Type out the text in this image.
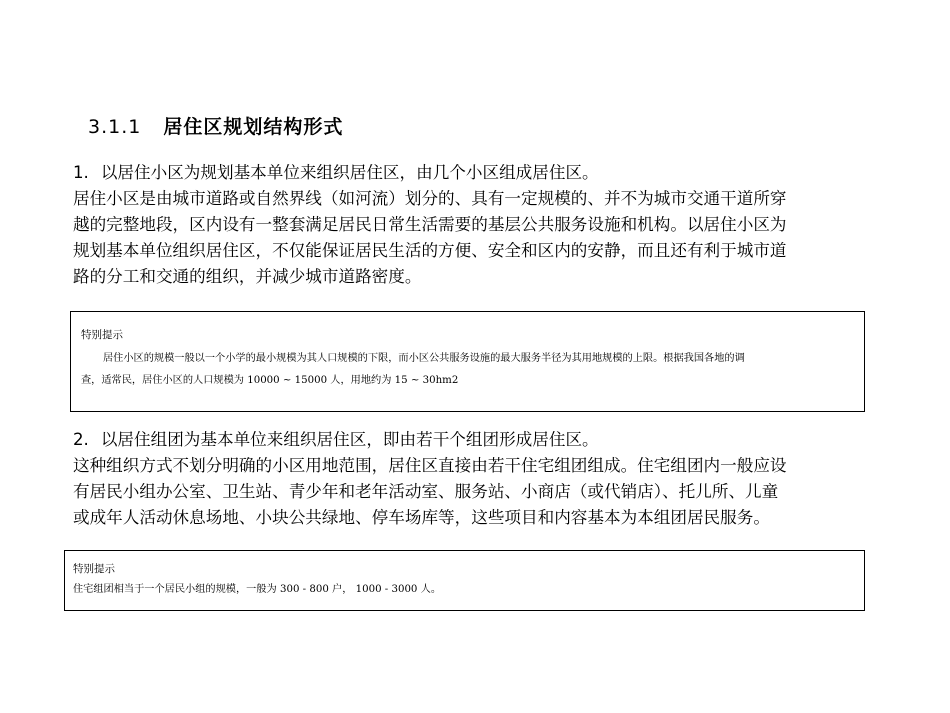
3.1.1 居住区规划结构形式
1. 以居住小区为规划基本单位来组织居住区，由几个小区组成居住区。
居住小区是由城市道路或自然界线（如河流）划分的、具有一定规模的、并不为城市交通干道所穿
越的完整地段，区内设有一整套满足居民日常生活需要的基层公共服务设施和机构。以居住小区为
规划基本单位组织居住区，不仅能保证居民生活的方便、安全和区内的安静，而且还有利于城市道
路的分工和交通的组织，并减少城市道路密度。
特别提示
居住小区的规模一般以一个小学的最小规模为其人口规模的下限，而小区公共服务设施的最大服务半径为其用地规模的上限。根据我国各地的调
查，适常民，居住小区的人口规模为 10000 ~ 15000 人，用地约为 15 ~ 30hm2
2. 以居住组团为基本单位来组织居住区，即由若干个组团形成居住区。
这种组织方式不划分明确的小区用地范围，居住区直接由若干住宅组团组成。住宅组团内一般应设
有居民小组办公室、卫生站、青少年和老年活动室、服务站、小商店（或代销店）、托儿所、儿童
或成年人活动休息场地、小块公共绿地、停车场库等，这些项目和内容基本为本组团居民服务。
特别提示
住宅组团相当于一个居民小组的规模，一般为 300 - 800 户， 1000 - 3000 人。
